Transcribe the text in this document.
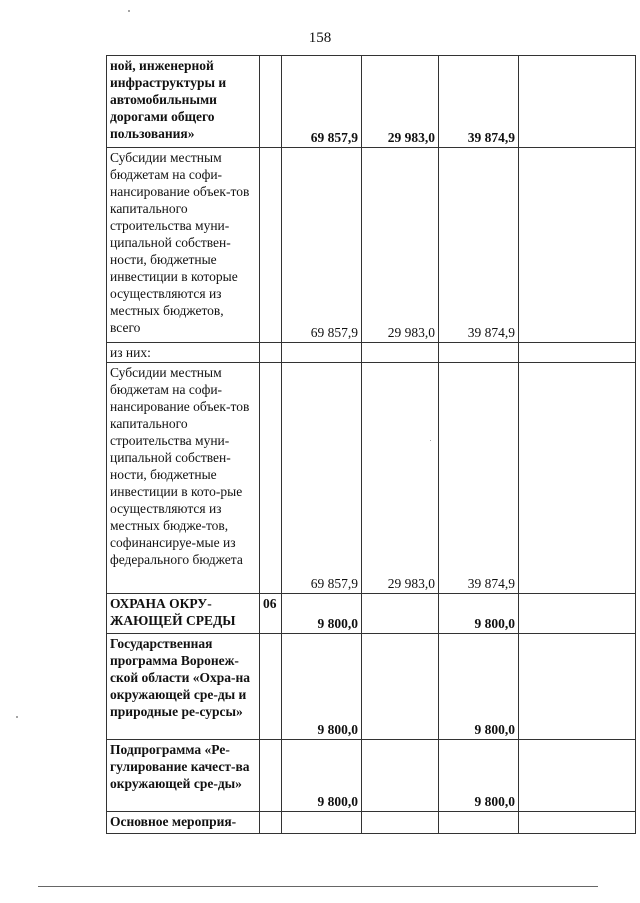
158
ной, инженерной инфраструктуры и автомобильными дорогами общего пользования»		69 857,9	29 983,0	39 874,9	
Субсидии местным бюджетам на софи-нансирование объек-тов капитального строительства муни-ципальной собствен-ности, бюджетные инвестиции в которые осуществляются из местных бюджетов, всего		69 857,9	29 983,0	39 874,9	
из них:					
Субсидии местным бюджетам на софи-нансирование объек-тов капитального строительства муни-ципальной собствен-ности, бюджетные инвестиции в кото-рые осуществляются из местных бюдже-тов, софинансируе-мые из федерального бюджета		69 857,9	29 983,0	39 874,9	
ОХРАНА ОКРУ-ЖАЮЩЕЙ СРЕДЫ	06	9 800,0		9 800,0	
Государственная программа Воронеж-ской области «Охра-на окружающей сре-ды и природные ре-сурсы»		9 800,0		9 800,0	
Подпрограмма «Ре-гулирование качест-ва окружающей сре-ды»		9 800,0		9 800,0	
Основное мероприя-					
